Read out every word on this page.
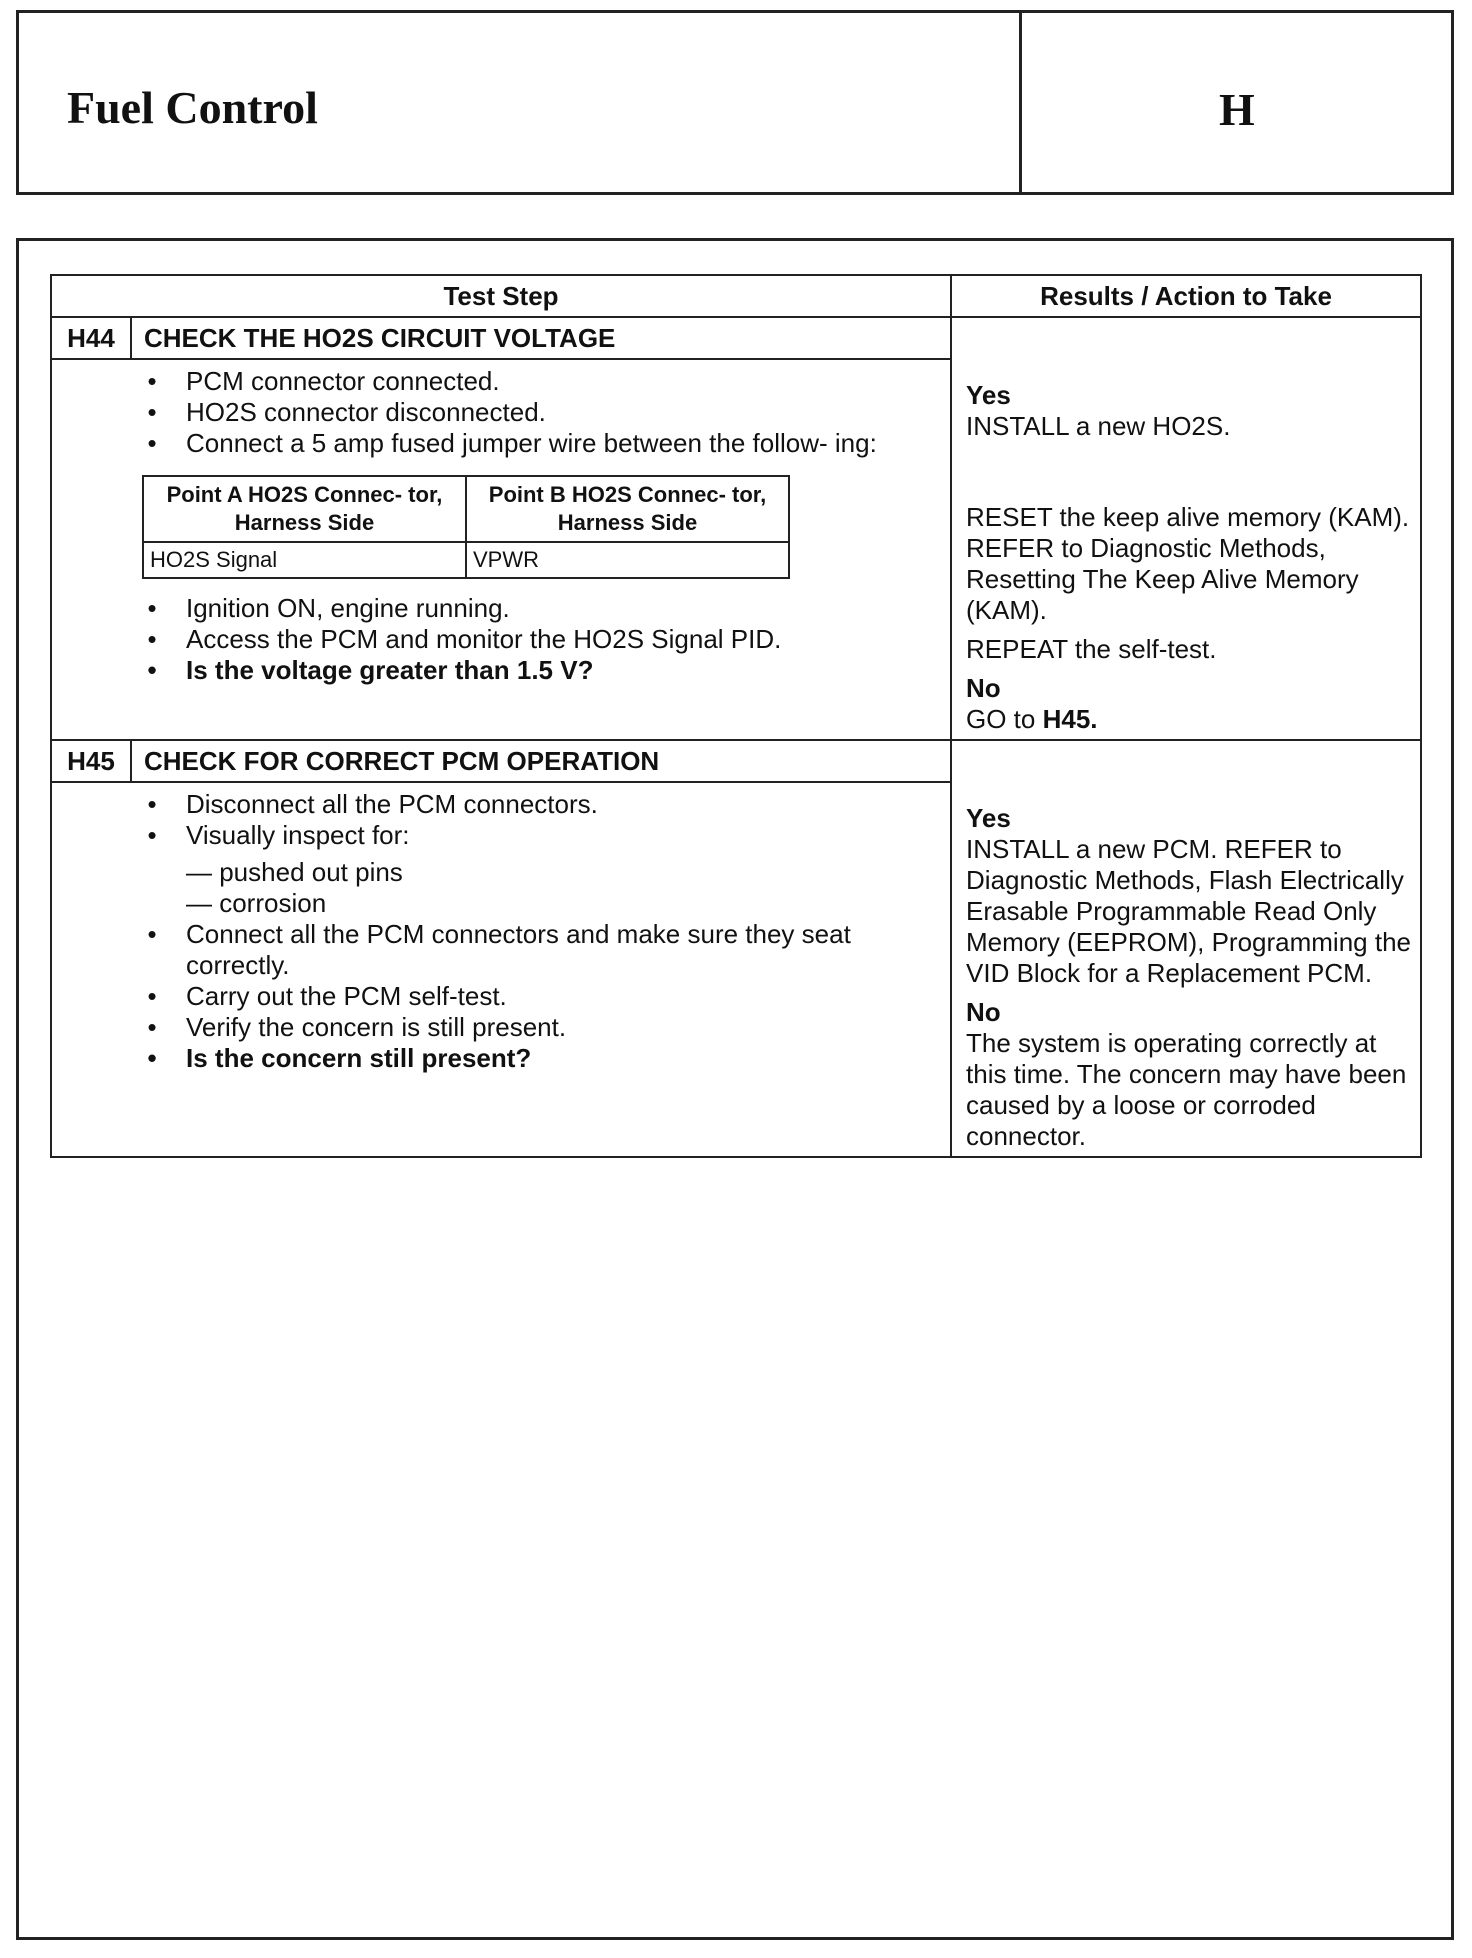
Fuel Control	H
Test Step	Results / Action to Take
H44	CHECK THE HO2S CIRCUIT VOLTAGE	
Yes
INSTALL a new HO2S.
RESET the keep alive memory (KAM). REFER to Diagnostic Methods, Resetting The Keep Alive Memory (KAM).
REPEAT the self-test.
No
GO to H45.

• PCM connector connected.
• HO2S connector disconnected.
• Connect a 5 amp fused jumper wire between the follow- ing:
Point A HO2S Connec- tor, Harness Side	Point B HO2S Connec- tor, Harness Side
HO2S Signal	VPWR
• Ignition ON, engine running.
• Access the PCM and monitor the HO2S Signal PID.
• Is the voltage greater than 1.5 V?

H45	CHECK FOR CORRECT PCM OPERATION	
Yes
INSTALL a new PCM. REFER to Diagnostic Methods, Flash Electrically Erasable Programmable Read Only Memory (EEPROM), Programming the VID Block for a Replacement PCM.
No
The system is operating correctly at this time. The concern may have been caused by a loose or corroded connector.

• Disconnect all the PCM connectors.
• Visually inspect for:
— pushed out pins
— corrosion
• Connect all the PCM connectors and make sure they seat correctly.
• Carry out the PCM self-test.
• Verify the concern is still present.
• Is the concern still present?
